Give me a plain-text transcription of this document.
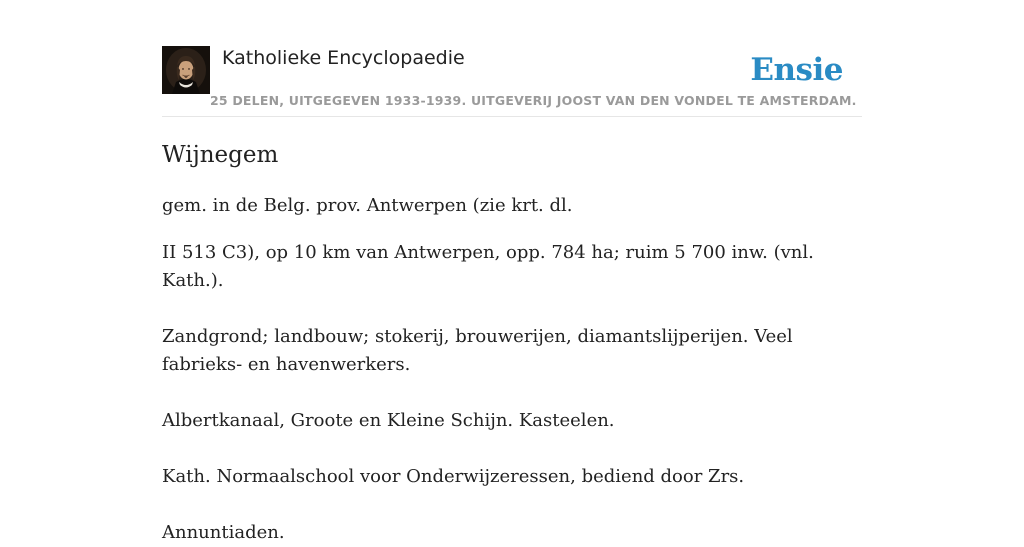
Katholieke Encyclopaedie
25 DELEN, UITGEGEVEN 1933-1939. UITGEVERIJ JOOST VAN DEN VONDEL TE AMSTERDAM.
Ensie
Wijnegem

gem. in de Belg. prov. Antwerpen (zie krt. dl.

II 513 C3), op 10 km van Antwerpen, opp. 784 ha; ruim 5 700 inw. (vnl. Kath.).

Zandgrond; landbouw; stokerij, brouwerijen, diamantslijperijen. Veel fabrieks- en havenwerkers.

Albertkanaal, Groote en Kleine Schijn. Kasteelen.

Kath. Normaalschool voor Onderwijzeressen, bediend door Zrs.

Annuntiaden.
